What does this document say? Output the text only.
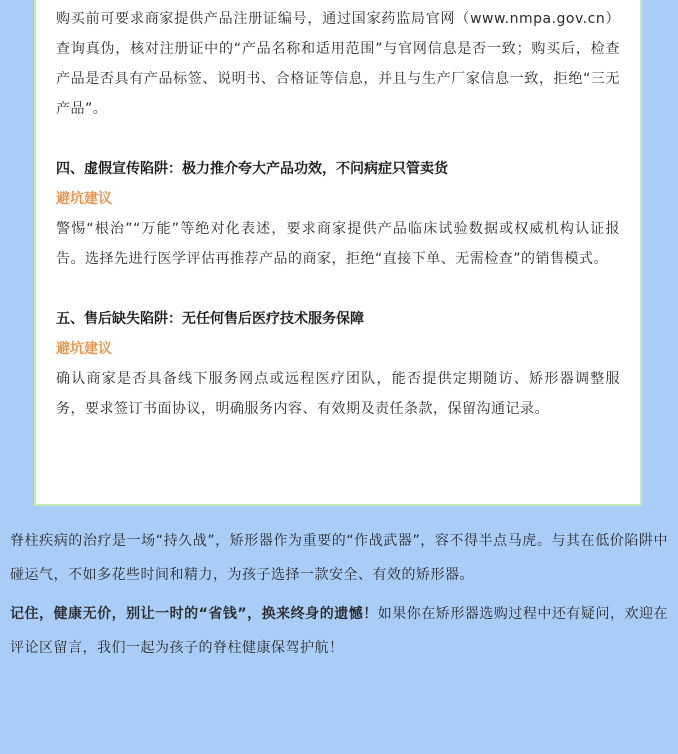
购买前可要求商家提供产品注册证编号，通过国家药监局官网（www.nmpa.gov.cn）查询真伪，核对注册证中的“产品名称和适用范围”与官网信息是否一致；购买后，检查产品是否具有产品标签、说明书、合格证等信息，并且与生产厂家信息一致，拒绝“三无产品”。

四、虚假宣传陷阱：极力推介夸大产品功效，不问病症只管卖货

避坑建议

警惕“根治”“万能”等绝对化表述，要求商家提供产品临床试验数据或权威机构认证报告。选择先进行医学评估再推荐产品的商家，拒绝“直接下单、无需检查”的销售模式。

五、售后缺失陷阱：无任何售后医疗技术服务保障

避坑建议

确认商家是否具备线下服务网点或远程医疗团队，能否提供定期随访、矫形器调整服务，要求签订书面协议，明确服务内容、有效期及责任条款，保留沟通记录。

脊柱疾病的治疗是一场“持久战”，矫形器作为重要的“作战武器”，容不得半点马虎。与其在低价陷阱中碰运气，不如多花些时间和精力，为孩子选择一款安全、有效的矫形器。

记住，健康无价，别让一时的“省钱”，换来终身的遗憾！如果你在矫形器选购过程中还有疑问，欢迎在评论区留言，我们一起为孩子的脊柱健康保驾护航！
